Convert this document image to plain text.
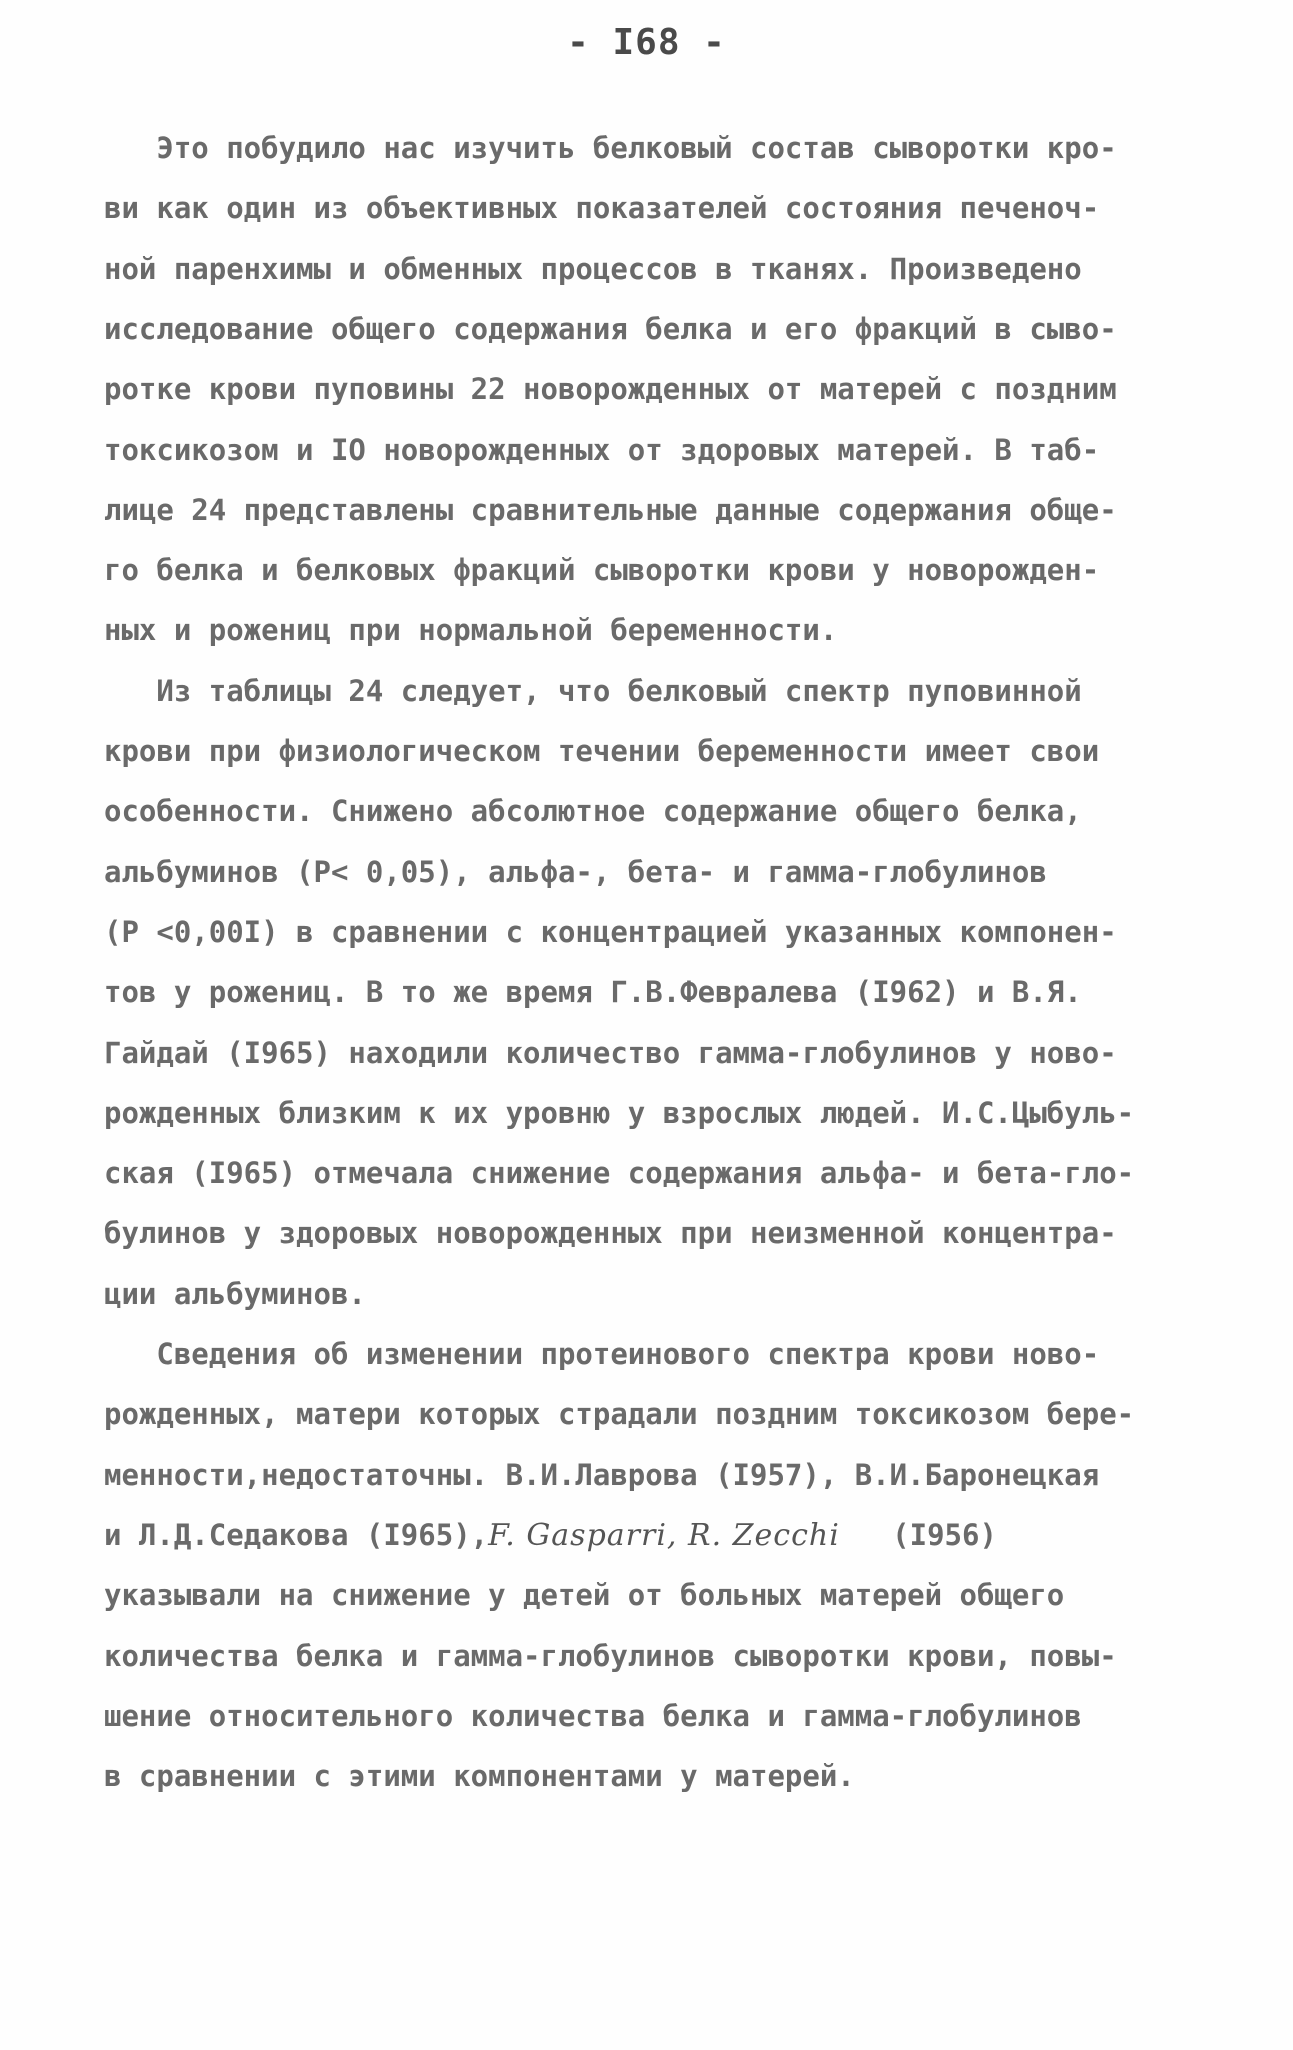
- I68 -
Это побудило нас изучить белковый состав сыворотки кро-
ви как один из объективных показателей состояния печеноч-
ной паренхимы и обменных процессов в тканях. Произведено
исследование общего содержания белка и его фракций в сыво-
ротке крови пуповины 22 новорожденных от матерей с поздним
токсикозом и IO новорожденных от здоровых матерей. В таб-
лице 24 представлены сравнительные данные содержания обще-
го белка и белковых фракций сыворотки крови у новорожден-
ных и рожениц при нормальной беременности.
Из таблицы 24 следует, что белковый спектр пуповинной
крови при физиологическом течении беременности имеет свои
особенности. Снижено абсолютное содержание общего белка,
альбуминов (P< 0,05), альфа-, бета- и гамма-глобулинов
(P <0,00I) в сравнении с концентрацией указанных компонен-
тов у рожениц. В то же время Г.В.Февралева (I962) и В.Я.
Гайдай (I965) находили количество гамма-глобулинов у ново-
рожденных близким к их уровню у взрослых людей. И.С.Цыбуль-
ская (I965) отмечала снижение содержания альфа- и бета-гло-
булинов у здоровых новорожденных при неизменной концентра-
ции альбуминов.
Сведения об изменении протеинового спектра крови ново-
рожденных, матери которых страдали поздним токсикозом бере-
менности,недостаточны. В.И.Лаврова (I957), В.И.Баронецкая
и Л.Д.Седакова (I965),F. Gasparri, R. Zecchi   (I956)
указывали на снижение у детей от больных матерей общего
количества белка и гамма-глобулинов сыворотки крови, повы-
шение относительного количества белка и гамма-глобулинов
в сравнении с этими компонентами у матерей.
